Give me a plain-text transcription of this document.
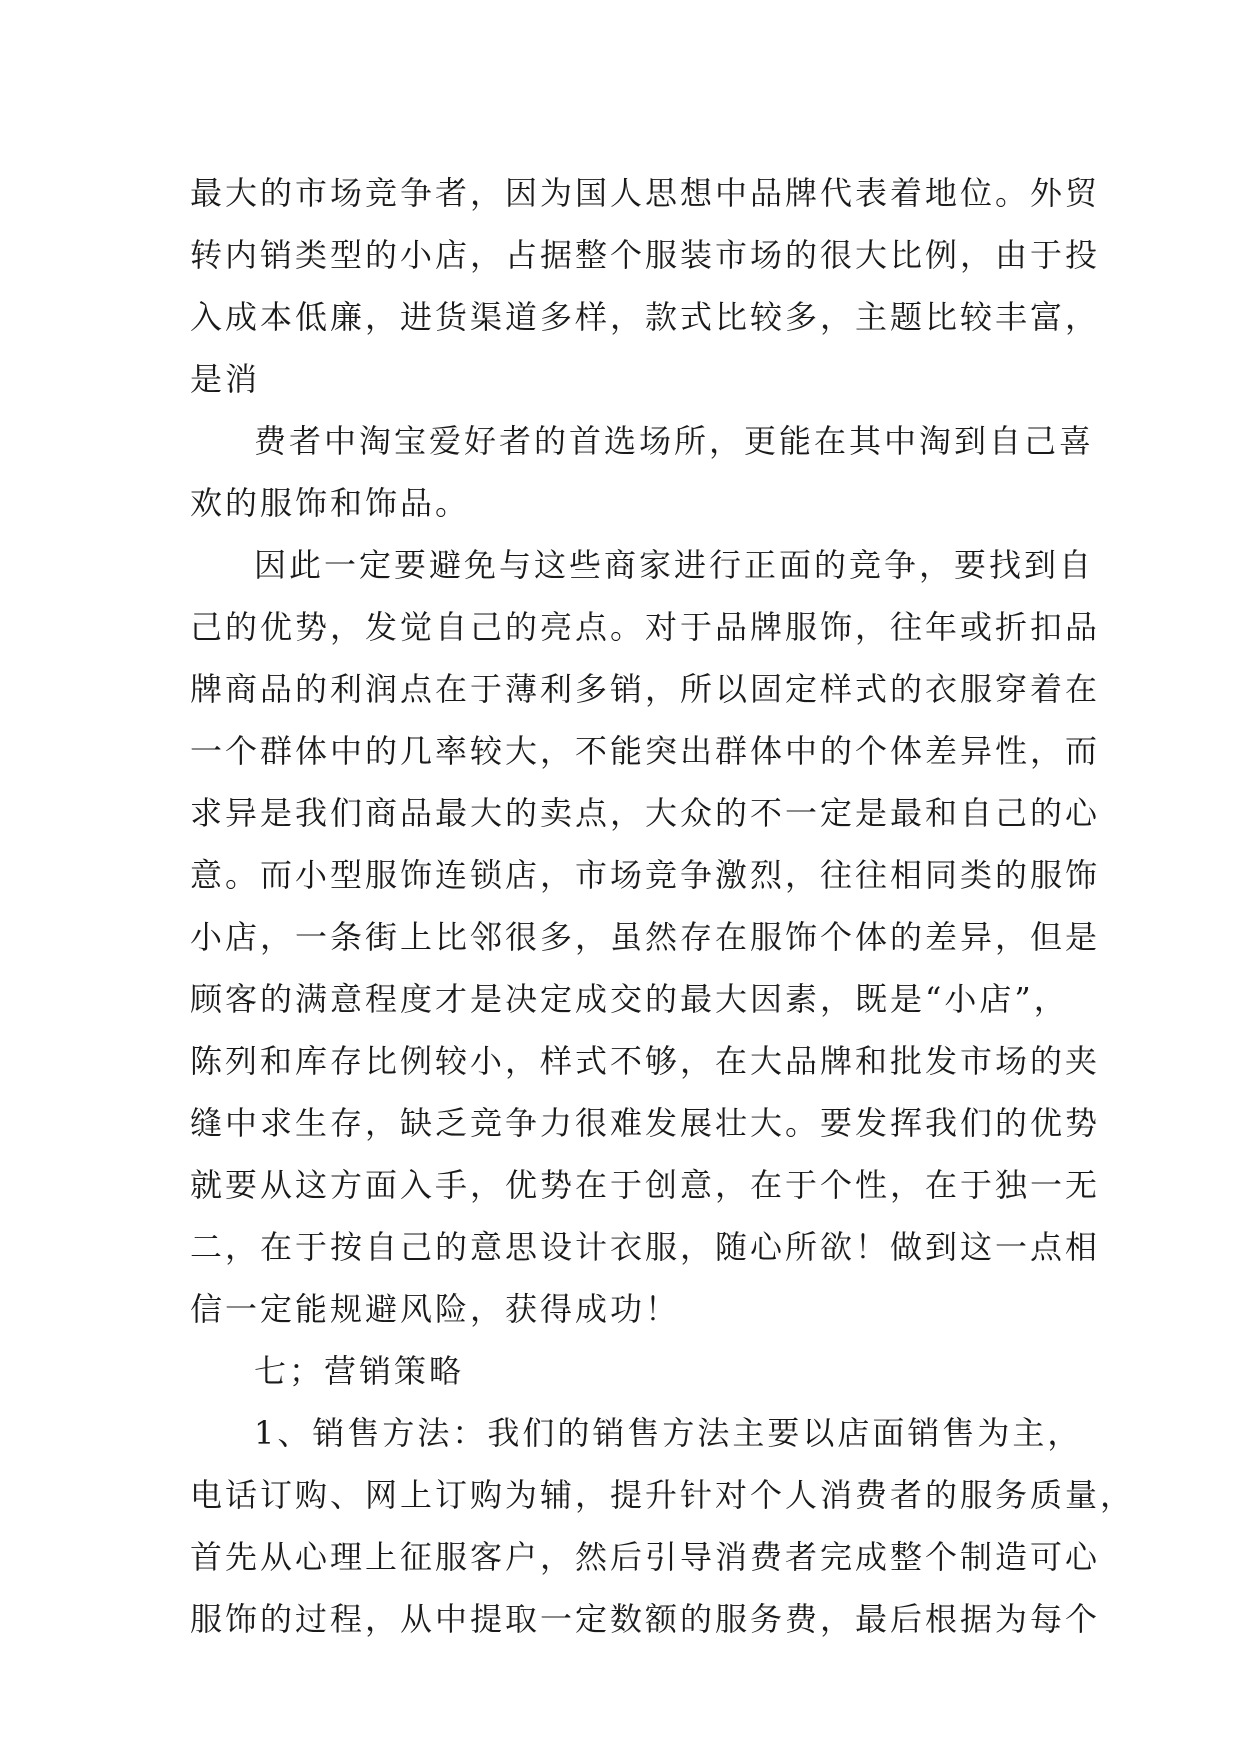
最大的市场竞争者，因为国人思想中品牌代表着地位。外贸
转内销类型的小店，占据整个服装市场的很大比例，由于投
入成本低廉，进货渠道多样，款式比较多，主题比较丰富，
是消
费者中淘宝爱好者的首选场所，更能在其中淘到自己喜
欢的服饰和饰品。
因此一定要避免与这些商家进行正面的竞争，要找到自
己的优势，发觉自己的亮点。对于品牌服饰，往年或折扣品
牌商品的利润点在于薄利多销，所以固定样式的衣服穿着在
一个群体中的几率较大，不能突出群体中的个体差异性，而
求异是我们商品最大的卖点，大众的不一定是最和自己的心
意。而小型服饰连锁店，市场竞争激烈，往往相同类的服饰
小店，一条街上比邻很多，虽然存在服饰个体的差异，但是
顾客的满意程度才是决定成交的最大因素，既是“小店”，
陈列和库存比例较小，样式不够，在大品牌和批发市场的夹
缝中求生存，缺乏竞争力很难发展壮大。要发挥我们的优势
就要从这方面入手，优势在于创意，在于个性，在于独一无
二，在于按自己的意思设计衣服，随心所欲！做到这一点相
信一定能规避风险，获得成功！
七；营销策略
1、销售方法：我们的销售方法主要以店面销售为主，
电话订购、网上订购为辅，提升针对个人消费者的服务质量，
首先从心理上征服客户，然后引导消费者完成整个制造可心
服饰的过程，从中提取一定数额的服务费，最后根据为每个
